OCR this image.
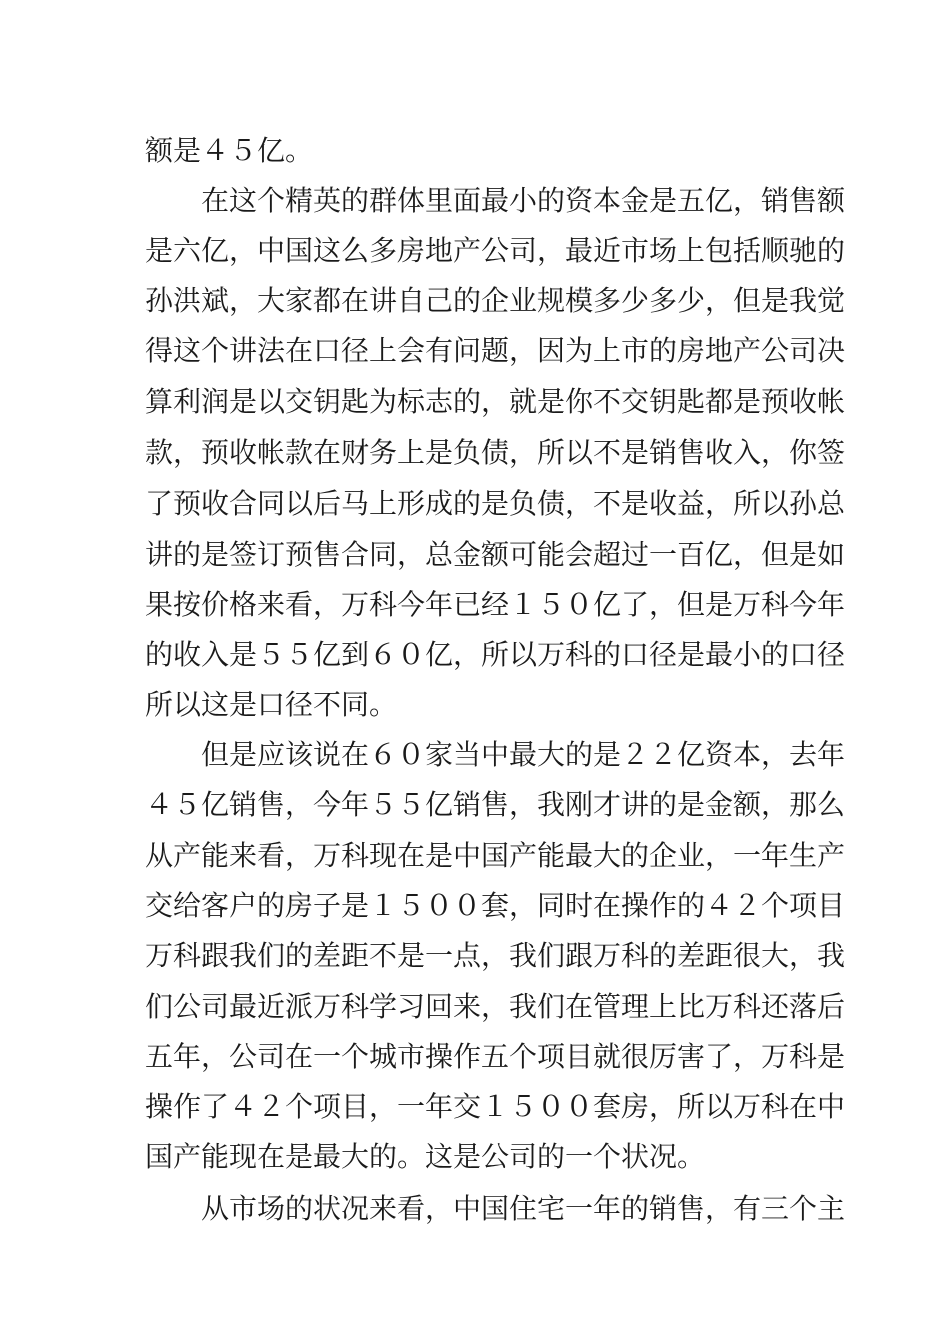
额是４５亿。
在这个精英的群体里面最小的资本金是五亿，销售额
是六亿，中国这么多房地产公司，最近市场上包括顺驰的
孙洪斌，大家都在讲自己的企业规模多少多少，但是我觉
得这个讲法在口径上会有问题，因为上市的房地产公司决
算利润是以交钥匙为标志的，就是你不交钥匙都是预收帐
款，预收帐款在财务上是负债，所以不是销售收入，你签
了预收合同以后马上形成的是负债，不是收益，所以孙总
讲的是签订预售合同，总金额可能会超过一百亿，但是如
果按价格来看，万科今年已经１５０亿了，但是万科今年
的收入是５５亿到６０亿，所以万科的口径是最小的口径
所以这是口径不同。
但是应该说在６０家当中最大的是２２亿资本，去年
４５亿销售，今年５５亿销售，我刚才讲的是金额，那么
从产能来看，万科现在是中国产能最大的企业，一年生产
交给客户的房子是１５００套，同时在操作的４２个项目
万科跟我们的差距不是一点，我们跟万科的差距很大，我
们公司最近派万科学习回来，我们在管理上比万科还落后
五年，公司在一个城市操作五个项目就很厉害了，万科是
操作了４２个项目，一年交１５００套房，所以万科在中
国产能现在是最大的。这是公司的一个状况。
从市场的状况来看，中国住宅一年的销售，有三个主
